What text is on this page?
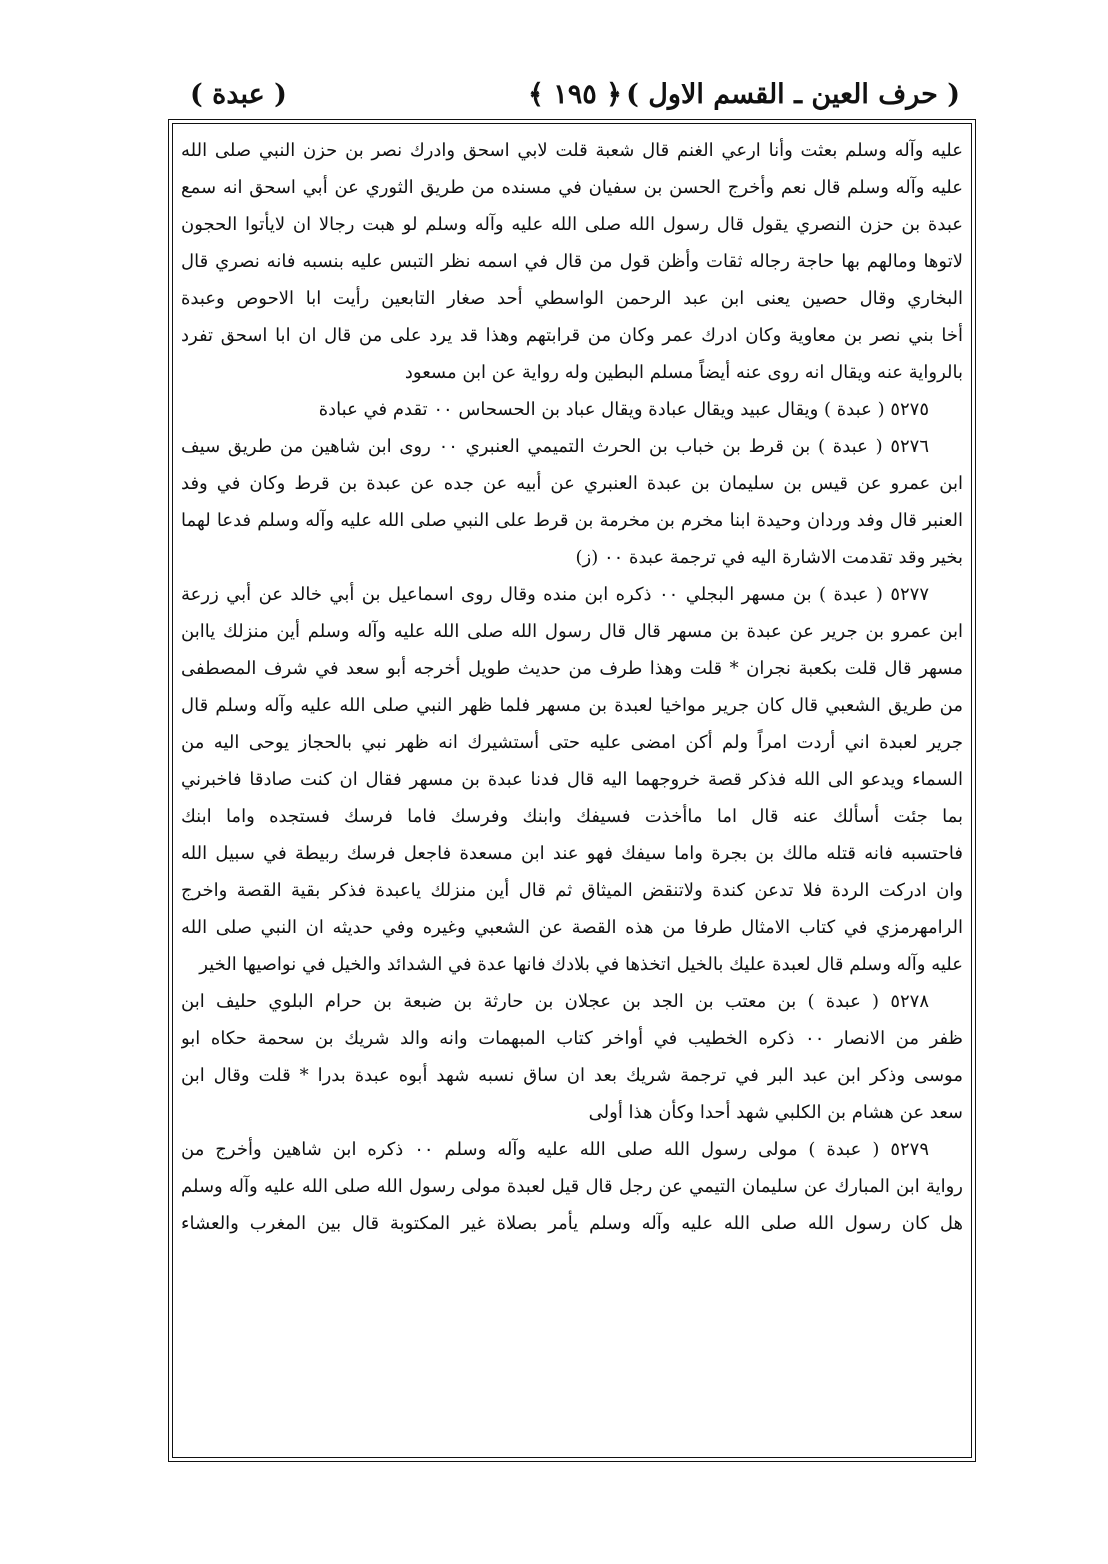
( حرف العين ـ القسم الاول )
﴿ ١٩٥ ﴾
( عبدة )
عليه وآله وسلم بعثت وأنا ارعي الغنم قال شعبة قلت لابي اسحق وادرك نصر بن حزن النبي صلى الله
عليه وآله وسلم قال نعم وأخرج الحسن بن سفيان في مسنده من طريق الثوري عن أبي اسحق انه سمع
عبدة بن حزن النصري يقول قال رسول الله صلى الله عليه وآله وسلم لو هبت رجالا ان لايأتوا الحجون
لاتوها ومالهم بها حاجة رجاله ثقات وأظن قول من قال في اسمه نظر التبس عليه بنسبه فانه نصري قال
البخاري وقال حصين يعنى ابن عبد الرحمن الواسطي أحد صغار التابعين رأيت ابا الاحوص وعبدة
أخا بني نصر بن معاوية وكان ادرك عمر وكان من قرابتهم وهذا قد يرد على من قال ان ابا اسحق تفرد
بالرواية عنه ويقال انه روى عنه أيضاً مسلم البطين وله رواية عن ابن مسعود
٥٢٧٥ ( عبدة ) ويقال عبيد ويقال عبادة ويقال عباد بن الحسحاس ٠٠ تقدم في عبادة
٥٢٧٦ ( عبدة ) بن قرط بن خباب بن الحرث التميمي العنبري ٠٠ روى ابن شاهين من طريق سيف
ابن عمرو عن قيس بن سليمان بن عبدة العنبري عن أبيه عن جده عن عبدة بن قرط وكان في وفد
العنبر قال وفد وردان وحيدة ابنا مخرم بن مخرمة بن قرط على النبي صلى الله عليه وآله وسلم فدعا لهما
بخير وقد تقدمت الاشارة اليه في ترجمة عبدة ٠٠ (ز)
٥٢٧٧ ( عبدة ) بن مسهر البجلي ٠٠ ذكره ابن منده وقال روى اسماعيل بن أبي خالد عن أبي زرعة
ابن عمرو بن جرير عن عبدة بن مسهر قال قال رسول الله صلى الله عليه وآله وسلم أين منزلك ياابن
مسهر قال قلت بكعبة نجران * قلت وهذا طرف من حديث طويل أخرجه أبو سعد في شرف المصطفى
من طريق الشعبي قال كان جرير مواخيا لعبدة بن مسهر فلما ظهر النبي صلى الله عليه وآله وسلم قال
جرير لعبدة اني أردت امراً ولم أكن امضى عليه حتى أستشيرك انه ظهر نبي بالحجاز يوحى اليه من
السماء ويدعو الى الله فذكر قصة خروجهما اليه قال فدنا عبدة بن مسهر فقال ان كنت صادقا فاخبرني
بما جئت أسألك عنه قال اما ماأخذت فسيفك وابنك وفرسك فاما فرسك فستجده واما ابنك
فاحتسبه فانه قتله مالك بن بجرة واما سيفك فهو عند ابن مسعدة فاجعل فرسك ربيطة في سبيل الله
وان ادركت الردة فلا تدعن كندة ولاتنقض الميثاق ثم قال أين منزلك ياعبدة فذكر بقية القصة واخرج
الرامهرمزي في كتاب الامثال طرفا من هذه القصة عن الشعبي وغيره وفي حديثه ان النبي صلى الله
عليه وآله وسلم قال لعبدة عليك بالخيل اتخذها في بلادك فانها عدة في الشدائد والخيل في نواصيها الخير
٥٢٧٨ ( عبدة ) بن معتب بن الجد بن عجلان بن حارثة بن ضبعة بن حرام البلوي حليف ابن
ظفر من الانصار ٠٠ ذكره الخطيب في أواخر كتاب المبهمات وانه والد شريك بن سحمة حكاه ابو
موسى وذكر ابن عبد البر في ترجمة شريك بعد ان ساق نسبه شهد أبوه عبدة بدرا * قلت وقال ابن
سعد عن هشام بن الكلبي شهد أحدا وكأن هذا أولى
٥٢٧٩ ( عبدة ) مولى رسول الله صلى الله عليه وآله وسلم ٠٠ ذكره ابن شاهين وأخرج من
رواية ابن المبارك عن سليمان التيمي عن رجل قال قيل لعبدة مولى رسول الله صلى الله عليه وآله وسلم
هل كان رسول الله صلى الله عليه وآله وسلم يأمر بصلاة غير المكتوبة قال بين المغرب والعشاء
